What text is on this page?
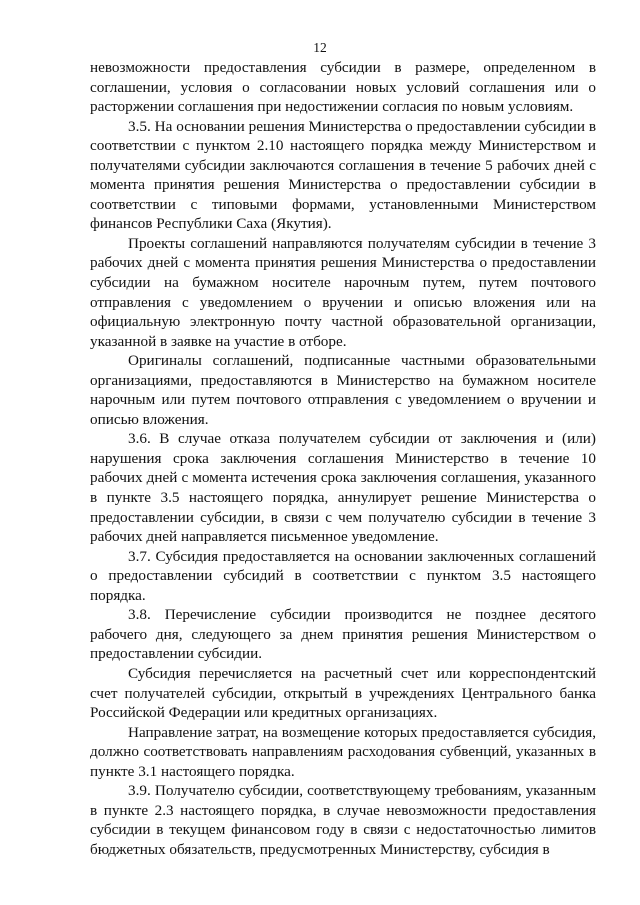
12

невозможности предоставления субсидии в размере, определенном в соглашении, условия о согласовании новых условий соглашения или о расторжении соглашения при недостижении согласия по новым условиям.

3.5. На основании решения Министерства о предоставлении субсидии в соответствии с пунктом 2.10 настоящего порядка между Министерством и получателями субсидии заключаются соглашения в течение 5 рабочих дней с момента принятия решения Министерства о предоставлении субсидии в соответствии с типовыми формами, установленными Министерством финансов Республики Саха (Якутия).

Проекты соглашений направляются получателям субсидии в течение 3 рабочих дней с момента принятия решения Министерства о предоставлении субсидии на бумажном носителе нарочным путем, путем почтового отправления с уведомлением о вручении и описью вложения или на официальную электронную почту частной образовательной организации, указанной в заявке на участие в отборе.

Оригиналы соглашений, подписанные частными образовательными организациями, предоставляются в Министерство на бумажном носителе нарочным или путем почтового отправления с уведомлением о вручении и описью вложения.

3.6. В случае отказа получателем субсидии от заключения и (или) нарушения срока заключения соглашения Министерство в течение 10 рабочих дней с момента истечения срока заключения соглашения, указанного в пункте 3.5 настоящего порядка, аннулирует решение Министерства о предоставлении субсидии, в связи с чем получателю субсидии в течение 3 рабочих дней направляется письменное уведомление.

3.7. Субсидия предоставляется на основании заключенных соглашений о предоставлении субсидий в соответствии с пунктом 3.5 настоящего порядка.

3.8. Перечисление субсидии производится не позднее десятого рабочего дня, следующего за днем принятия решения Министерством о предоставлении субсидии.

Субсидия перечисляется на расчетный счет или корреспондентский счет получателей субсидии, открытый в учреждениях Центрального банка Российской Федерации или кредитных организациях.

Направление затрат, на возмещение которых предоставляется субсидия, должно соответствовать направлениям расходования субвенций, указанных в пункте 3.1 настоящего порядка.

3.9. Получателю субсидии, соответствующему требованиям, указанным в пункте 2.3 настоящего порядка, в случае невозможности предоставления субсидии в текущем финансовом году в связи с недостаточностью лимитов бюджетных обязательств, предусмотренных Министерству, субсидия в
